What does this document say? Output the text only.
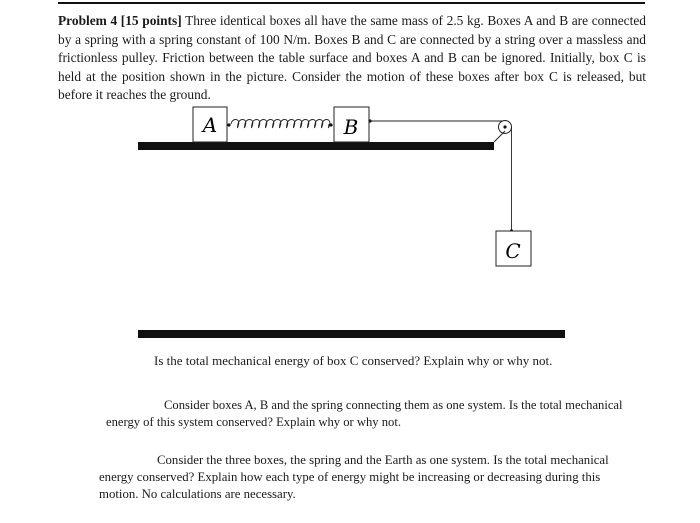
Problem 4 [15 points] Three identical boxes all have the same mass of 2.5 kg. Boxes A and B are connected by a spring with a spring constant of 100 N/m. Boxes B and C are connected by a string over a massless and frictionless pulley. Friction between the table surface and boxes A and B can be ignored. Initially, box C is held at the position shown in the picture. Consider the motion of these boxes after box C is released, but before it reaches the ground.
A	B
C
Is the total mechanical energy of box C conserved? Explain why or why not.
Consider boxes A, B and the spring connecting them as one system. Is the total mechanical energy of this system conserved? Explain why or why not.
Consider the three boxes, the spring and the Earth as one system. Is the total mechanical energy conserved? Explain how each type of energy might be increasing or decreasing during this motion. No calculations are necessary.
